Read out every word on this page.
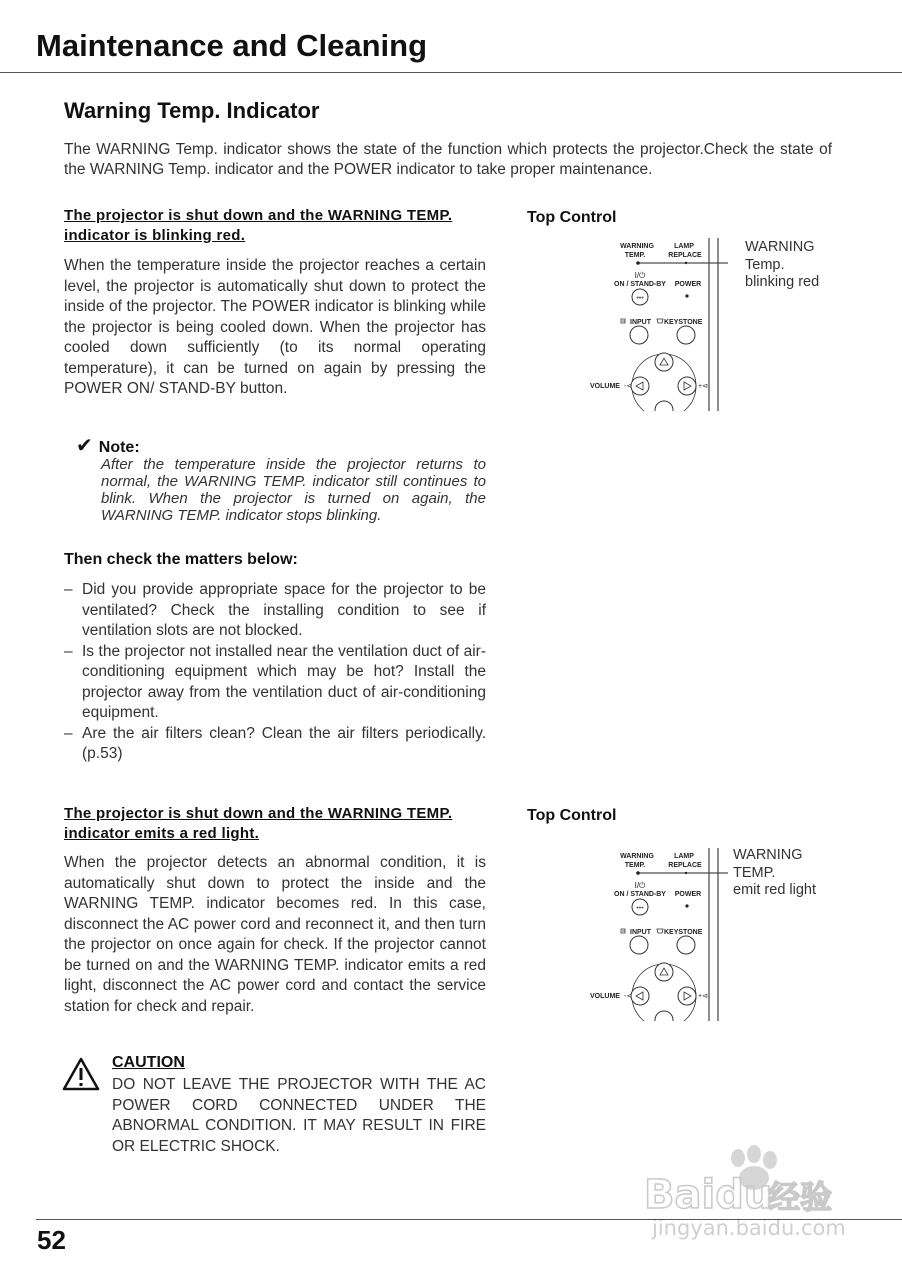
Maintenance and Cleaning
Warning Temp. Indicator

The WARNING Temp. indicator shows the state of the function which protects the projector.Check the state of the WARNING Temp. indicator and the POWER indicator to take proper maintenance.

The projector is shut down and the WARNING TEMP. indicator is blinking red.

When the temperature inside the projector reaches a certain level, the projector is automatically shut down to protect the inside of the projector. The POWER indicator is blinking while the projector is being cooled down. When the projector has cooled down sufficiently (to its normal operating temperature), it can be turned on again by pressing the POWER ON/ STAND-BY button.

✔ Note:

After the temperature inside the projector returns to normal, the WARNING TEMP. indicator still continues to blink. When the projector is turned on again, the WARNING TEMP. indicator stops blinking.

Then check the matters below:

– Did you provide appropriate space for the projector to be ventilated? Check the installing condition to see if ventilation slots are not blocked.
– Is the projector not installed near the ventilation duct of air-conditioning equipment which may be hot? Install the projector away from the ventilation duct of air-conditioning equipment.
– Are the air filters clean? Clean the air filters periodically. (p.53)

Top Control

WARNING
TEMP.
LAMP
REPLACE
I/⏻
ON / STAND-BY POWER
INPUT KEYSTONE
VOLUME
•••
-⊲	+⊲

WARNING

Temp.

blinking red

The projector is shut down and the WARNING TEMP. indicator emits a red light.

When the projector detects an abnormal condition, it is automatically shut down to protect the inside and the WARNING TEMP. indicator becomes red. In this case, disconnect the AC power cord and reconnect it, and then turn the projector on once again for check. If the projector cannot be turned on and the WARNING TEMP. indicator emits a red light, disconnect the AC power cord and contact the service station for check and repair.

CAUTION

DO NOT LEAVE THE PROJECTOR WITH THE AC POWER CORD CONNECTED UNDER THE ABNORMAL CONDITION. IT MAY RESULT IN FIRE OR ELECTRIC SHOCK.

Top Control

WARNING
TEMP.
LAMP
REPLACE
I/⏻
ON / STAND-BY POWER
INPUT KEYSTONE
VOLUME
•••
-⊲	+⊲

WARNING

TEMP.

emit red light

Baidu
经验
jingyan.baidu.com

52
